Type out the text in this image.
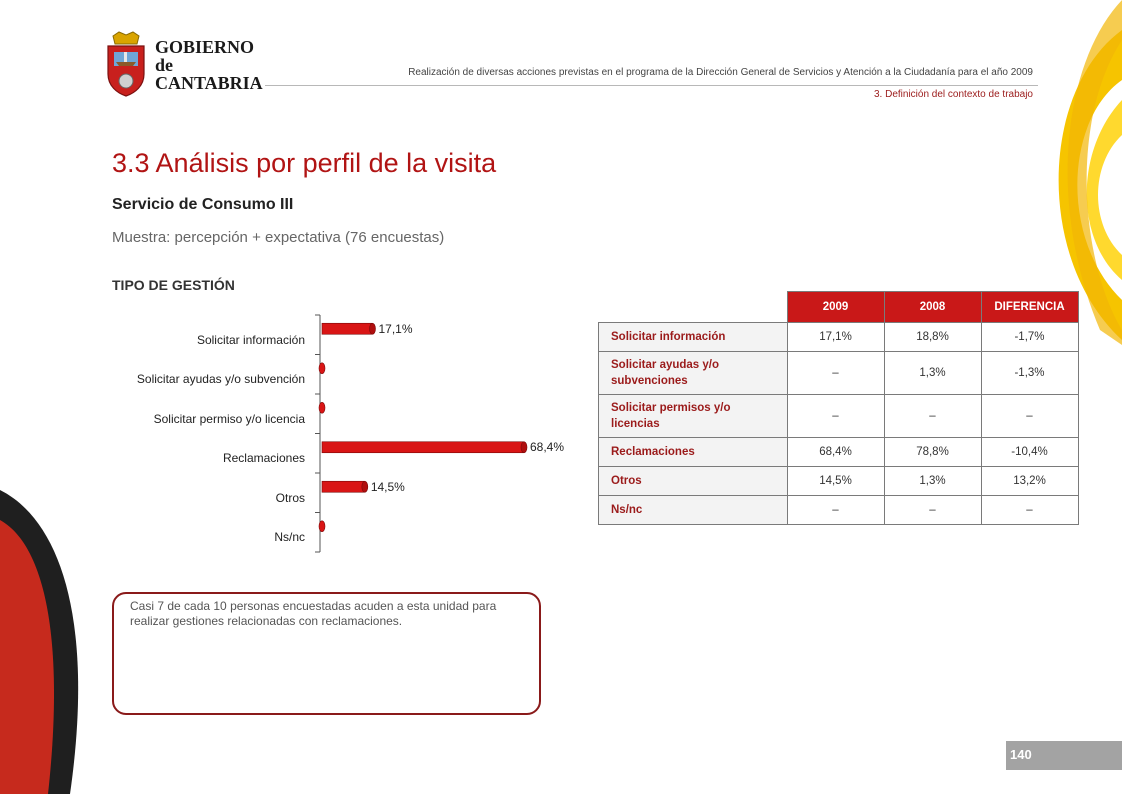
GOBIERNO
de
CANTABRIA
Realización de diversas acciones previstas en el programa de la Dirección General de Servicios y Atención a la Ciudadanía para el año 2009
3. Definición del contexto de trabajo
3.3 Análisis por perfil de la visita
Servicio de Consumo III
Muestra: percepción + expectativa (76 encuestas)
TIPO DE GESTIÓN
17,1%
Solicitar información
Solicitar ayudas y/o subvención
Solicitar permiso y/o licencia
68,4%
Reclamaciones
14,5%
Otros
Ns/nc
	2009	2008	DIFERENCIA
Solicitar información	17,1%	18,8%	-1,7%
Solicitar ayudas y/o subvenciones	–	1,3%	-1,3%
Solicitar permisos y/o licencias	–	–	–
Reclamaciones	68,4%	78,8%	-10,4%
Otros	14,5%	1,3%	13,2%
Ns/nc	–	–	–
Casi 7 de cada 10 personas encuestadas acuden a esta unidad para realizar gestiones relacionadas con reclamaciones.
140
